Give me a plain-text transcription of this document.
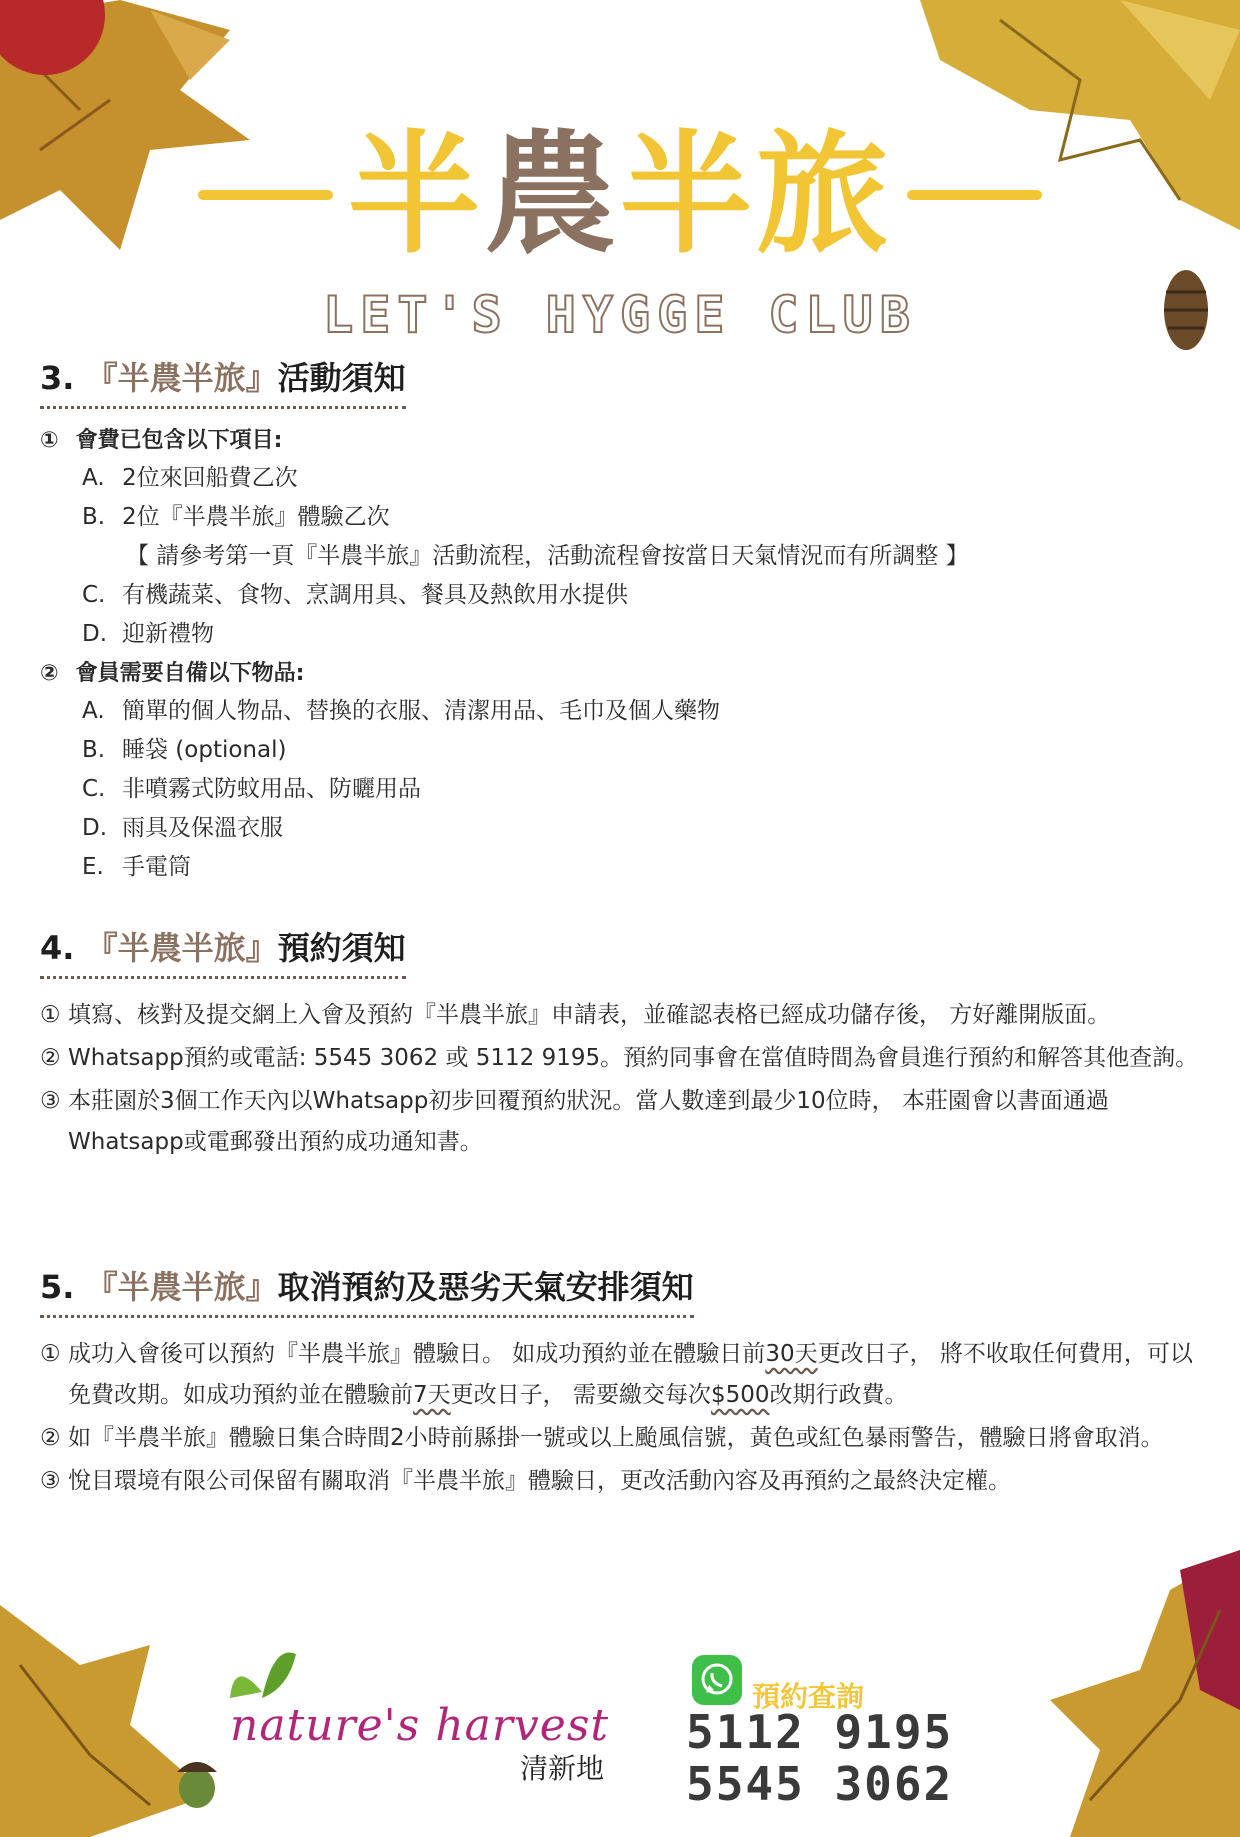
半農半旅
LET'S HYGGE CLUB
3. 『半農半旅』活動須知
① 會費已包含以下項目:
A. 2位來回船費乙次
B. 2位『半農半旅』體驗乙次
【 請參考第一頁『半農半旅』活動流程，活動流程會按當日天氣情況而有所調整 】
C. 有機蔬菜、食物、烹調用具、餐具及熱飲用水提供
D. 迎新禮物
② 會員需要自備以下物品:
A. 簡單的個人物品、替換的衣服、清潔用品、毛巾及個人藥物
B. 睡袋 (optional)
C. 非噴霧式防蚊用品、防曬用品
D. 雨具及保溫衣服
E. 手電筒
4. 『半農半旅』預約須知
① 填寫、核對及提交網上入會及預約『半農半旅』申請表，並確認表格已經成功儲存後， 方好離開版面。
② Whatsapp預約或電話: 5545 3062 或 5112 9195。預約同事會在當值時間為會員進行預約和解答其他查詢。
③ 本莊園於3個工作天內以Whatsapp初步回覆預約狀況。當人數達到最少10位時， 本莊園會以書面通過Whatsapp或電郵發出預約成功通知書。
5. 『半農半旅』取消預約及惡劣天氣安排須知
① 成功入會後可以預約『半農半旅』體驗日。 如成功預約並在體驗日前30天更改日子， 將不收取任何費用，可以免費改期。如成功預約並在體驗前7天更改日子， 需要繳交每次$500改期行政費。
② 如『半農半旅』體驗日集合時間2小時前縣掛一號或以上颱風信號，黃色或紅色暴雨警告，體驗日將會取消。
③ 悅目環境有限公司保留有關取消『半農半旅』體驗日，更改活動內容及再預約之最終決定權。
nature's harvest
清新地
預約查詢
5112 9195
5545 3062
